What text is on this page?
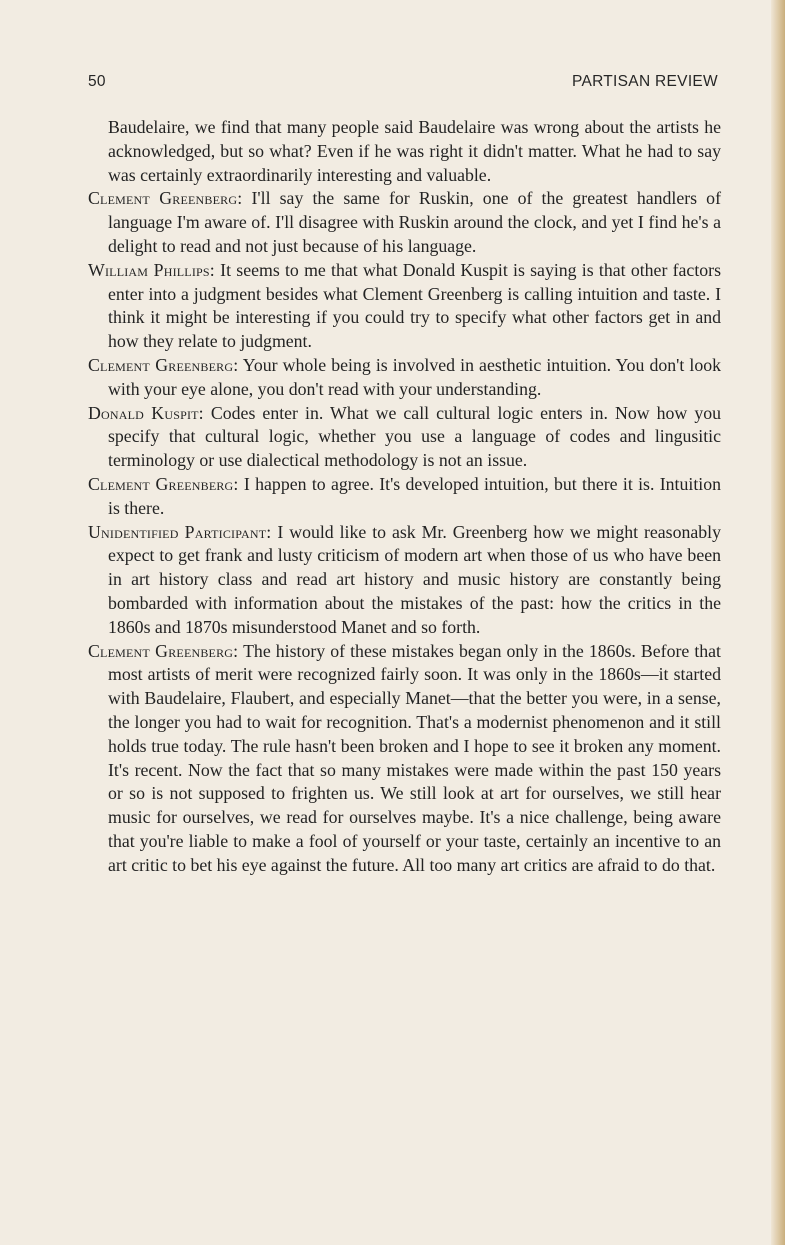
50	PARTISAN REVIEW

Baudelaire, we find that many people said Baudelaire was wrong about the artists he acknowledged, but so what? Even if he was right it didn't matter. What he had to say was certainly extraordinarily interesting and valuable.

Clement Greenberg: I'll say the same for Ruskin, one of the greatest handlers of language I'm aware of. I'll disagree with Ruskin around the clock, and yet I find he's a delight to read and not just because of his language.

William Phillips: It seems to me that what Donald Kuspit is saying is that other factors enter into a judgment besides what Clement Greenberg is calling intuition and taste. I think it might be interesting if you could try to specify what other factors get in and how they relate to judgment.

Clement Greenberg: Your whole being is involved in aesthetic intuition. You don't look with your eye alone, you don't read with your understanding.

Donald Kuspit: Codes enter in. What we call cultural logic enters in. Now how you specify that cultural logic, whether you use a language of codes and lingusitic terminology or use dialectical methodology is not an issue.

Clement Greenberg: I happen to agree. It's developed intuition, but there it is. Intuition is there.

Unidentified Participant: I would like to ask Mr. Greenberg how we might reasonably expect to get frank and lusty criticism of modern art when those of us who have been in art history class and read art history and music history are constantly being bombarded with information about the mistakes of the past: how the critics in the 1860s and 1870s misunderstood Manet and so forth.

Clement Greenberg: The history of these mistakes began only in the 1860s. Before that most artists of merit were recognized fairly soon. It was only in the 1860s—it started with Baudelaire, Flaubert, and especially Manet—that the better you were, in a sense, the longer you had to wait for recognition. That's a modernist phenomenon and it still holds true today. The rule hasn't been broken and I hope to see it broken any moment. It's recent. Now the fact that so many mistakes were made within the past 150 years or so is not supposed to frighten us. We still look at art for ourselves, we still hear music for ourselves, we read for ourselves maybe. It's a nice challenge, being aware that you're liable to make a fool of yourself or your taste, certainly an incentive to an art critic to bet his eye against the future. All too many art critics are afraid to do that.
